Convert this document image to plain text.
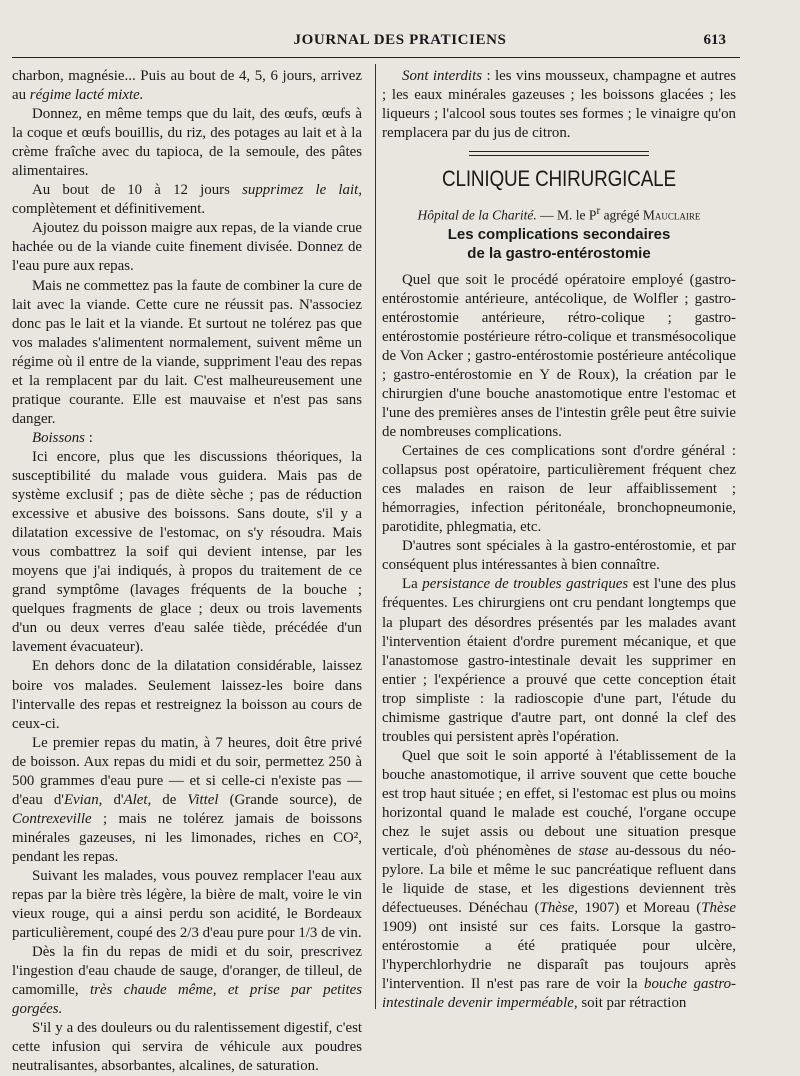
JOURNAL DES PRATICIENS	613

charbon, magnésie... Puis au bout de 4, 5, 6 jours, arrivez au régime lacté mixte.

Donnez, en même temps que du lait, des œufs, œufs à la coque et œufs bouillis, du riz, des potages au lait et à la crème fraîche avec du tapioca, de la semoule, des pâtes alimentaires.

Au bout de 10 à 12 jours supprimez le lait, complètement et définitivement.

Ajoutez du poisson maigre aux repas, de la viande crue hachée ou de la viande cuite finement divisée. Donnez de l'eau pure aux repas.

Mais ne commettez pas la faute de combiner la cure de lait avec la viande. Cette cure ne réussit pas. N'associez donc pas le lait et la viande. Et surtout ne tolérez pas que vos malades s'alimentent normalement, suivent même un régime où il entre de la viande, suppriment l'eau des repas et la remplacent par du lait. C'est malheureusement une pratique courante. Elle est mauvaise et n'est pas sans danger.

Boissons :

Ici encore, plus que les discussions théoriques, la susceptibilité du malade vous guidera. Mais pas de système exclusif ; pas de diète sèche ; pas de réduction excessive et abusive des boissons. Sans doute, s'il y a dilatation excessive de l'estomac, on s'y résoudra. Mais vous combattrez la soif qui devient intense, par les moyens que j'ai indiqués, à propos du traitement de ce grand symptôme (lavages fréquents de la bouche ; quelques fragments de glace ; deux ou trois lavements d'un ou deux verres d'eau salée tiède, précédée d'un lavement évacuateur).

En dehors donc de la dilatation considérable, laissez boire vos malades. Seulement laissez-les boire dans l'intervalle des repas et restreignez la boisson au cours de ceux-ci.

Le premier repas du matin, à 7 heures, doit être privé de boisson. Aux repas du midi et du soir, permettez 250 à 500 grammes d'eau pure — et si celle-ci n'existe pas — d'eau d'Evian, d'Alet, de Vittel (Grande source), de Contrexeville ; mais ne tolérez jamais de boissons minérales gazeuses, ni les limonades, riches en CO², pendant les repas.

Suivant les malades, vous pouvez remplacer l'eau aux repas par la bière très légère, la bière de malt, voire le vin vieux rouge, qui a ainsi perdu son acidité, le Bordeaux particulièrement, coupé des 2/3 d'eau pure pour 1/3 de vin.

Dès la fin du repas de midi et du soir, prescrivez l'ingestion d'eau chaude de sauge, d'oranger, de tilleul, de camomille, très chaude même, et prise par petites gorgées.

S'il y a des douleurs ou du ralentissement digestif, c'est cette infusion qui servira de véhicule aux poudres neutralisantes, absorbantes, alcalines, de saturation.

Sont interdits : les vins mousseux, champagne et autres ; les eaux minérales gazeuses ; les boissons glacées ; les liqueurs ; l'alcool sous toutes ses formes ; le vinaigre qu'on remplacera par du jus de citron.

CLINIQUE CHIRURGICALE

Hôpital de la Charité. — M. le $P^r$ agrégé Mauclaire

Les complications secondaires
de la gastro-entérostomie

Quel que soit le procédé opératoire employé (gastro-entérostomie antérieure, antécolique, de Wolfler ; gastro-entérostomie antérieure, rétro-colique ; gastro-entérostomie postérieure rétro-colique et transmésocolique de Von Acker ; gastro-entérostomie postérieure antécolique ; gastro-entérostomie en Y de Roux), la création par le chirurgien d'une bouche anastomotique entre l'estomac et l'une des premières anses de l'intestin grêle peut être suivie de nombreuses complications.

Certaines de ces complications sont d'ordre général : collapsus post opératoire, particulièrement fréquent chez ces malades en raison de leur affaiblissement ; hémorragies, infection péritonéale, bronchopneumonie, parotidite, phlegmatia, etc.

D'autres sont spéciales à la gastro-entérostomie, et par conséquent plus intéressantes à bien connaître.

La persistance de troubles gastriques est l'une des plus fréquentes. Les chirurgiens ont cru pendant longtemps que la plupart des désordres présentés par les malades avant l'intervention étaient d'ordre purement mécanique, et que l'anastomose gastro-intestinale devait les supprimer en entier ; l'expérience a prouvé que cette conception était trop simpliste : la radioscopie d'une part, l'étude du chimisme gastrique d'autre part, ont donné la clef des troubles qui persistent après l'opération.

Quel que soit le soin apporté à l'établissement de la bouche anastomotique, il arrive souvent que cette bouche est trop haut située ; en effet, si l'estomac est plus ou moins horizontal quand le malade est couché, l'organe occupe chez le sujet assis ou debout une situation presque verticale, d'où phénomènes de stase au-dessous du néo-pylore. La bile et même le suc pancréatique refluent dans le liquide de stase, et les digestions deviennent très défectueuses. Dénéchau (Thèse, 1907) et Moreau (Thèse 1909) ont insisté sur ces faits. Lorsque la gastro-entérostomie a été pratiquée pour ulcère, l'hyperchlorhydrie ne disparaît pas toujours après l'intervention. Il n'est pas rare de voir la bouche gastro-intestinale devenir imperméable, soit par rétraction
